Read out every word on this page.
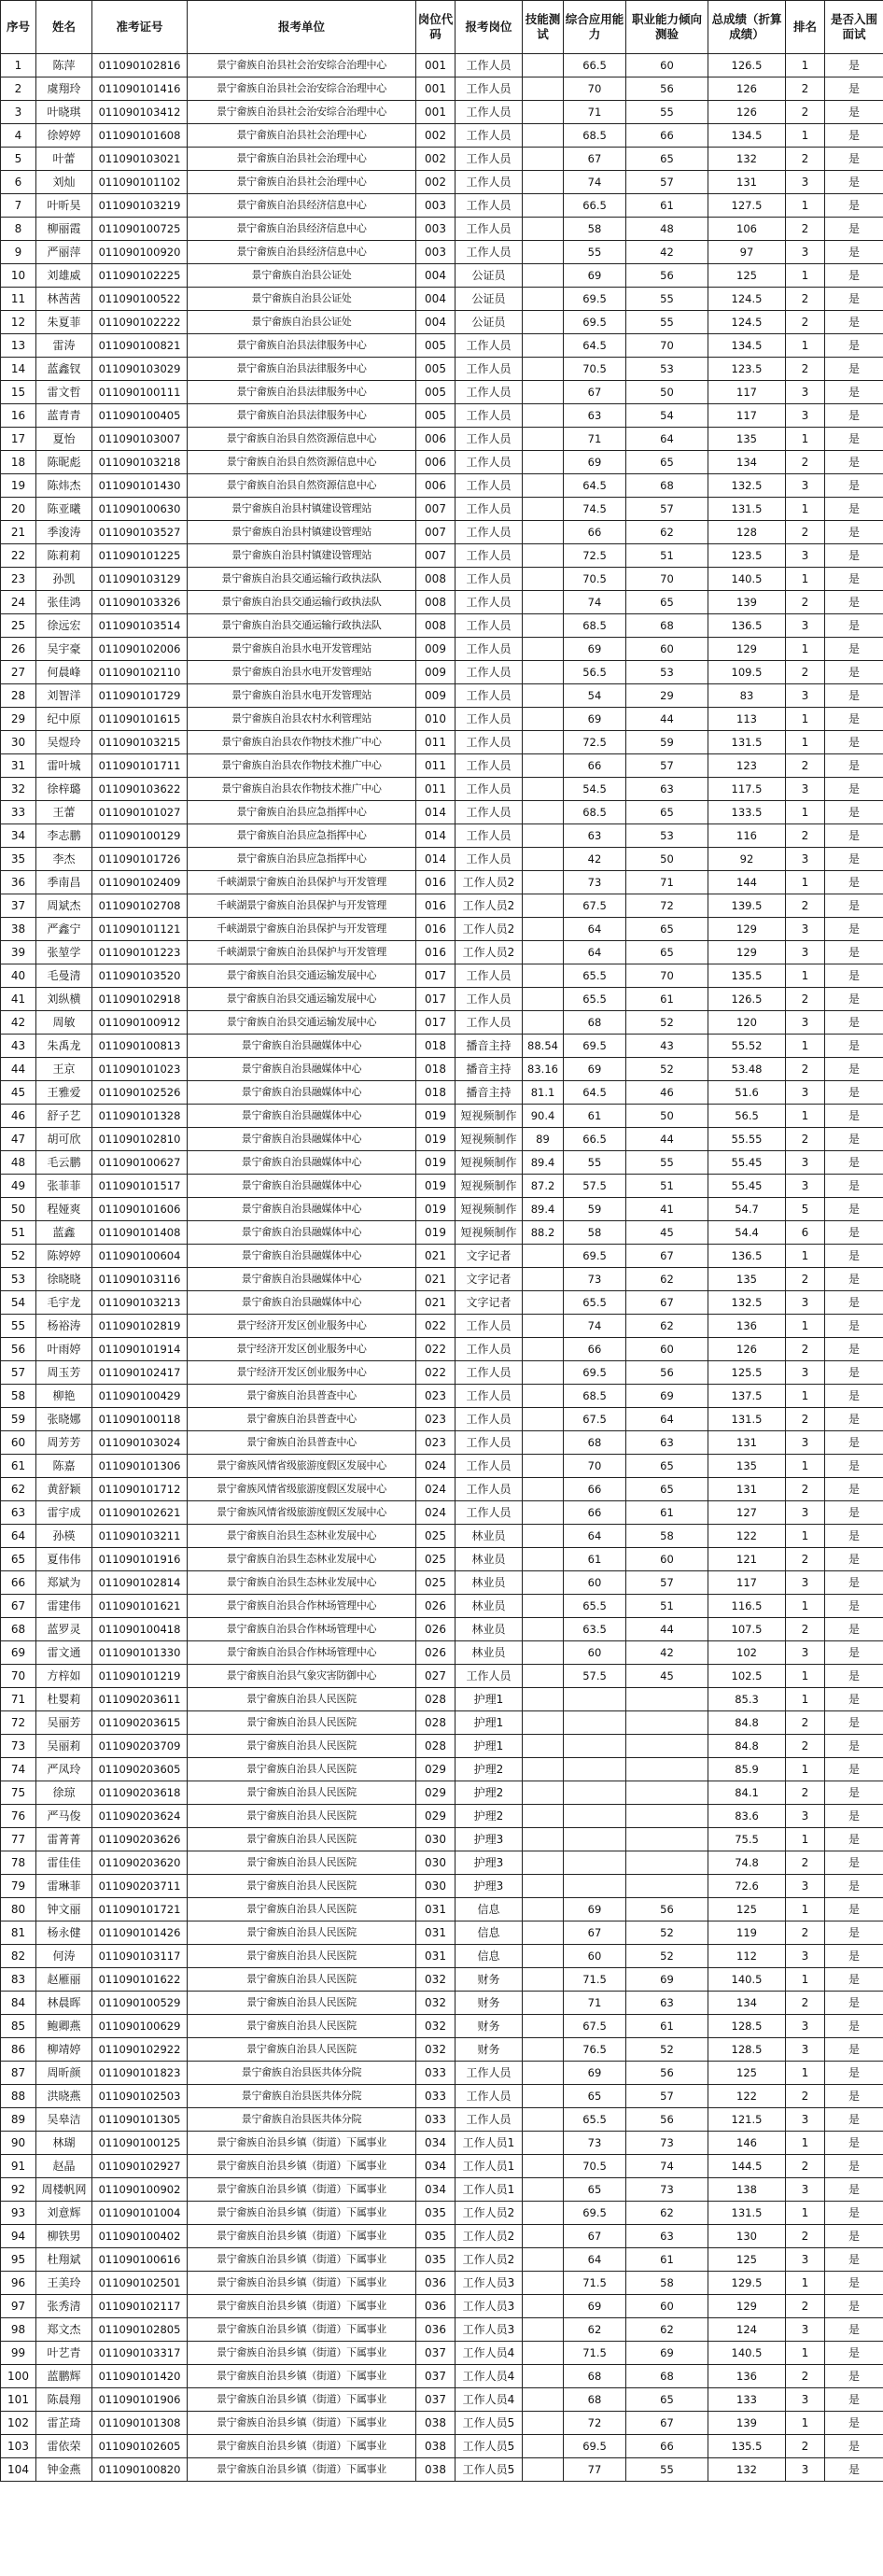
序号	姓名	准考证号	报考单位	岗位代码	报考岗位	技能测试	综合应用能力	职业能力倾向测验	总成绩（折算成绩）	排名	是否入围面试
1	陈萍	011090102816	景宁畲族自治县社会治安综合治理中心	001	工作人员		66.5	60	126.5	1	是
2	虞翔玲	011090101416	景宁畲族自治县社会治安综合治理中心	001	工作人员		70	56	126	2	是
3	叶晓琪	011090103412	景宁畲族自治县社会治安综合治理中心	001	工作人员		71	55	126	2	是
4	徐婷婷	011090101608	景宁畲族自治县社会治理中心	002	工作人员		68.5	66	134.5	1	是
5	叶蕾	011090103021	景宁畲族自治县社会治理中心	002	工作人员		67	65	132	2	是
6	刘灿	011090101102	景宁畲族自治县社会治理中心	002	工作人员		74	57	131	3	是
7	叶昕昊	011090103219	景宁畲族自治县经济信息中心	003	工作人员		66.5	61	127.5	1	是
8	柳丽霞	011090100725	景宁畲族自治县经济信息中心	003	工作人员		58	48	106	2	是
9	严丽萍	011090100920	景宁畲族自治县经济信息中心	003	工作人员		55	42	97	3	是
10	刘雄威	011090102225	景宁畲族自治县公证处	004	公证员		69	56	125	1	是
11	林茜茜	011090100522	景宁畲族自治县公证处	004	公证员		69.5	55	124.5	2	是
12	朱夏菲	011090102222	景宁畲族自治县公证处	004	公证员		69.5	55	124.5	2	是
13	雷涛	011090100821	景宁畲族自治县法律服务中心	005	工作人员		64.5	70	134.5	1	是
14	蓝鑫钗	011090103029	景宁畲族自治县法律服务中心	005	工作人员		70.5	53	123.5	2	是
15	雷文哲	011090100111	景宁畲族自治县法律服务中心	005	工作人员		67	50	117	3	是
16	蓝青青	011090100405	景宁畲族自治县法律服务中心	005	工作人员		63	54	117	3	是
17	夏怡	011090103007	景宁畲族自治县自然资源信息中心	006	工作人员		71	64	135	1	是
18	陈昵彪	011090103218	景宁畲族自治县自然资源信息中心	006	工作人员		69	65	134	2	是
19	陈炜杰	011090101430	景宁畲族自治县自然资源信息中心	006	工作人员		64.5	68	132.5	3	是
20	陈亚曦	011090100630	景宁畲族自治县村镇建设管理站	007	工作人员		74.5	57	131.5	1	是
21	季浚涛	011090103527	景宁畲族自治县村镇建设管理站	007	工作人员		66	62	128	2	是
22	陈莉莉	011090101225	景宁畲族自治县村镇建设管理站	007	工作人员		72.5	51	123.5	3	是
23	孙凯	011090103129	景宁畲族自治县交通运输行政执法队	008	工作人员		70.5	70	140.5	1	是
24	张佳鸿	011090103326	景宁畲族自治县交通运输行政执法队	008	工作人员		74	65	139	2	是
25	徐远宏	011090103514	景宁畲族自治县交通运输行政执法队	008	工作人员		68.5	68	136.5	3	是
26	吴宇豪	011090102006	景宁畲族自治县水电开发管理站	009	工作人员		69	60	129	1	是
27	何晨峰	011090102110	景宁畲族自治县水电开发管理站	009	工作人员		56.5	53	109.5	2	是
28	刘智洋	011090101729	景宁畲族自治县水电开发管理站	009	工作人员		54	29	83	3	是
29	纪中原	011090101615	景宁畲族自治县农村水利管理站	010	工作人员		69	44	113	1	是
30	吴煜玲	011090103215	景宁畲族自治县农作物技术推广中心	011	工作人员		72.5	59	131.5	1	是
31	雷叶城	011090101711	景宁畲族自治县农作物技术推广中心	011	工作人员		66	57	123	2	是
32	徐梓璐	011090103622	景宁畲族自治县农作物技术推广中心	011	工作人员		54.5	63	117.5	3	是
33	王蕾	011090101027	景宁畲族自治县应急指挥中心	014	工作人员		68.5	65	133.5	1	是
34	李志鹏	011090100129	景宁畲族自治县应急指挥中心	014	工作人员		63	53	116	2	是
35	李杰	011090101726	景宁畲族自治县应急指挥中心	014	工作人员		42	50	92	3	是
36	季南昌	011090102409	千峡湖景宁畲族自治县保护与开发管理	016	工作人员2		73	71	144	1	是
37	周斌杰	011090102708	千峡湖景宁畲族自治县保护与开发管理	016	工作人员2		67.5	72	139.5	2	是
38	严鑫宁	011090101121	千峡湖景宁畲族自治县保护与开发管理	016	工作人员2		64	65	129	3	是
39	张堃学	011090101223	千峡湖景宁畲族自治县保护与开发管理	016	工作人员2		64	65	129	3	是
40	毛曼清	011090103520	景宁畲族自治县交通运输发展中心	017	工作人员		65.5	70	135.5	1	是
41	刘纵横	011090102918	景宁畲族自治县交通运输发展中心	017	工作人员		65.5	61	126.5	2	是
42	周敏	011090100912	景宁畲族自治县交通运输发展中心	017	工作人员		68	52	120	3	是
43	朱禹龙	011090100813	景宁畲族自治县融媒体中心	018	播音主持	88.54	69.5	43	55.52	1	是
44	王京	011090101023	景宁畲族自治县融媒体中心	018	播音主持	83.16	69	52	53.48	2	是
45	王雅爱	011090102526	景宁畲族自治县融媒体中心	018	播音主持	81.1	64.5	46	51.6	3	是
46	舒子艺	011090101328	景宁畲族自治县融媒体中心	019	短视频制作	90.4	61	50	56.5	1	是
47	胡可欣	011090102810	景宁畲族自治县融媒体中心	019	短视频制作	89	66.5	44	55.55	2	是
48	毛云鹏	011090100627	景宁畲族自治县融媒体中心	019	短视频制作	89.4	55	55	55.45	3	是
49	张菲菲	011090101517	景宁畲族自治县融媒体中心	019	短视频制作	87.2	57.5	51	55.45	3	是
50	程娅爽	011090101606	景宁畲族自治县融媒体中心	019	短视频制作	89.4	59	41	54.7	5	是
51	蓝鑫	011090101408	景宁畲族自治县融媒体中心	019	短视频制作	88.2	58	45	54.4	6	是
52	陈婷婷	011090100604	景宁畲族自治县融媒体中心	021	文字记者		69.5	67	136.5	1	是
53	徐晓晓	011090103116	景宁畲族自治县融媒体中心	021	文字记者		73	62	135	2	是
54	毛宇龙	011090103213	景宁畲族自治县融媒体中心	021	文字记者		65.5	67	132.5	3	是
55	杨裕涛	011090102819	景宁经济开发区创业服务中心	022	工作人员		74	62	136	1	是
56	叶雨婷	011090101914	景宁经济开发区创业服务中心	022	工作人员		66	60	126	2	是
57	周玉芳	011090102417	景宁经济开发区创业服务中心	022	工作人员		69.5	56	125.5	3	是
58	柳艳	011090100429	景宁畲族自治县普查中心	023	工作人员		68.5	69	137.5	1	是
59	张晓娜	011090100118	景宁畲族自治县普查中心	023	工作人员		67.5	64	131.5	2	是
60	周芳芳	011090103024	景宁畲族自治县普查中心	023	工作人员		68	63	131	3	是
61	陈嘉	011090101306	景宁畲族风情省级旅游度假区发展中心	024	工作人员		70	65	135	1	是
62	黄舒颖	011090101712	景宁畲族风情省级旅游度假区发展中心	024	工作人员		66	65	131	2	是
63	雷宇成	011090102621	景宁畲族风情省级旅游度假区发展中心	024	工作人员		66	61	127	3	是
64	孙楧	011090103211	景宁畲族自治县生态林业发展中心	025	林业员		64	58	122	1	是
65	夏伟伟	011090101916	景宁畲族自治县生态林业发展中心	025	林业员		61	60	121	2	是
66	郑斌为	011090102814	景宁畲族自治县生态林业发展中心	025	林业员		60	57	117	3	是
67	雷建伟	011090101621	景宁畲族自治县合作林场管理中心	026	林业员		65.5	51	116.5	1	是
68	蓝罗灵	011090100418	景宁畲族自治县合作林场管理中心	026	林业员		63.5	44	107.5	2	是
69	雷文通	011090101330	景宁畲族自治县合作林场管理中心	026	林业员		60	42	102	3	是
70	方梓如	011090101219	景宁畲族自治县气象灾害防御中心	027	工作人员		57.5	45	102.5	1	是
71	杜婴莉	011090203611	景宁畲族自治县人民医院	028	护理1				85.3	1	是
72	吴丽芳	011090203615	景宁畲族自治县人民医院	028	护理1				84.8	2	是
73	吴丽莉	011090203709	景宁畲族自治县人民医院	028	护理1				84.8	2	是
74	严凤玲	011090203605	景宁畲族自治县人民医院	029	护理2				85.9	1	是
75	徐琼	011090203618	景宁畲族自治县人民医院	029	护理2				84.1	2	是
76	严马俊	011090203624	景宁畲族自治县人民医院	029	护理2				83.6	3	是
77	雷菁菁	011090203626	景宁畲族自治县人民医院	030	护理3				75.5	1	是
78	雷佳佳	011090203620	景宁畲族自治县人民医院	030	护理3				74.8	2	是
79	雷琳菲	011090203711	景宁畲族自治县人民医院	030	护理3				72.6	3	是
80	钟文丽	011090101721	景宁畲族自治县人民医院	031	信息		69	56	125	1	是
81	杨永健	011090101426	景宁畲族自治县人民医院	031	信息		67	52	119	2	是
82	何涛	011090103117	景宁畲族自治县人民医院	031	信息		60	52	112	3	是
83	赵雁丽	011090101622	景宁畲族自治县人民医院	032	财务		71.5	69	140.5	1	是
84	林晨晖	011090100529	景宁畲族自治县人民医院	032	财务		71	63	134	2	是
85	鲍卿燕	011090100629	景宁畲族自治县人民医院	032	财务		67.5	61	128.5	3	是
86	柳靖婷	011090102922	景宁畲族自治县人民医院	032	财务		76.5	52	128.5	3	是
87	周昕颜	011090101823	景宁畲族自治县医共体分院	033	工作人员		69	56	125	1	是
88	洪晓燕	011090102503	景宁畲族自治县医共体分院	033	工作人员		65	57	122	2	是
89	吴皋洁	011090101305	景宁畲族自治县医共体分院	033	工作人员		65.5	56	121.5	3	是
90	林瑚	011090100125	景宁畲族自治县乡镇（街道）下属事业	034	工作人员1		73	73	146	1	是
91	赵晶	011090102927	景宁畲族自治县乡镇（街道）下属事业	034	工作人员1		70.5	74	144.5	2	是
92	周楼帆网	011090100902	景宁畲族自治县乡镇（街道）下属事业	034	工作人员1		65	73	138	3	是
93	刘意辉	011090101004	景宁畲族自治县乡镇（街道）下属事业	035	工作人员2		69.5	62	131.5	1	是
94	柳铁男	011090100402	景宁畲族自治县乡镇（街道）下属事业	035	工作人员2		67	63	130	2	是
95	杜翔斌	011090100616	景宁畲族自治县乡镇（街道）下属事业	035	工作人员2		64	61	125	3	是
96	王美玲	011090102501	景宁畲族自治县乡镇（街道）下属事业	036	工作人员3		71.5	58	129.5	1	是
97	张秀清	011090102117	景宁畲族自治县乡镇（街道）下属事业	036	工作人员3		69	60	129	2	是
98	郑文杰	011090102805	景宁畲族自治县乡镇（街道）下属事业	036	工作人员3		62	62	124	3	是
99	叶艺青	011090103317	景宁畲族自治县乡镇（街道）下属事业	037	工作人员4		71.5	69	140.5	1	是
100	蓝鹏辉	011090101420	景宁畲族自治县乡镇（街道）下属事业	037	工作人员4		68	68	136	2	是
101	陈晨翔	011090101906	景宁畲族自治县乡镇（街道）下属事业	037	工作人员4		68	65	133	3	是
102	雷芷琦	011090101308	景宁畲族自治县乡镇（街道）下属事业	038	工作人员5		72	67	139	1	是
103	雷依荣	011090102605	景宁畲族自治县乡镇（街道）下属事业	038	工作人员5		69.5	66	135.5	2	是
104	钟金燕	011090100820	景宁畲族自治县乡镇（街道）下属事业	038	工作人员5		77	55	132	3	是
